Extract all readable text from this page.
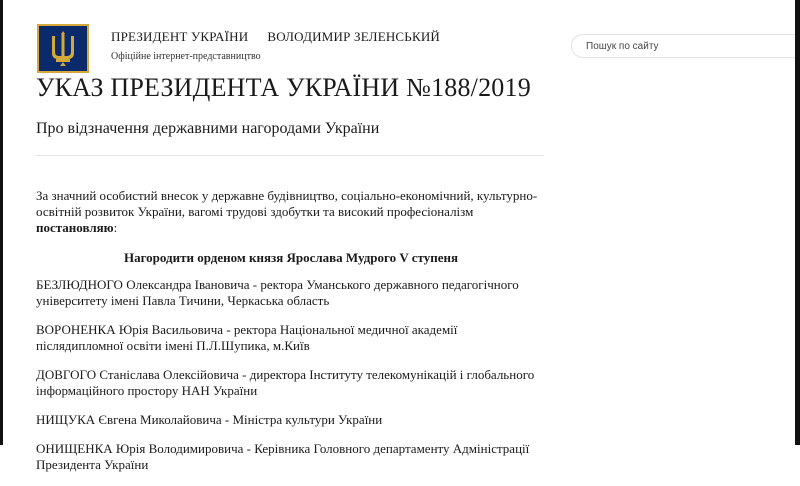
ПРЕЗИДЕНТ УКРАЇНИ ВОЛОДИМИР ЗЕЛЕНСЬКИЙ
Офіційне інтернет-представництво
Пошук по сайту
УКАЗ ПРЕЗИДЕНТА УКРАЇНИ №188/2019
Про відзначення державними нагородами України

За значний особистий внесок у державне будівництво, соціально-економічний, культурно-освітній розвиток України, вагомі трудові здобутки та високий професіоналізм постановляю:

Нагородити орденом князя Ярослава Мудрого V ступеня

БЕЗЛЮДНОГО Олександра Івановича - ректора Уманського державного педагогічного університету імені Павла Тичини, Черкаська область

ВОРОНЕНКА Юрія Васильовича - ректора Національної медичної академії післядипломної освіти імені П.Л.Шупика, м.Київ

ДОВГОГО Станіслава Олексійовича - директора Інституту телекомунікацій і глобального інформаційного простору НАН України

НИЩУКА Євгена Миколайовича - Міністра культури України

ОНИЩЕНКА Юрія Володимировича - Керівника Головного департаменту Адміністрації Президента України
